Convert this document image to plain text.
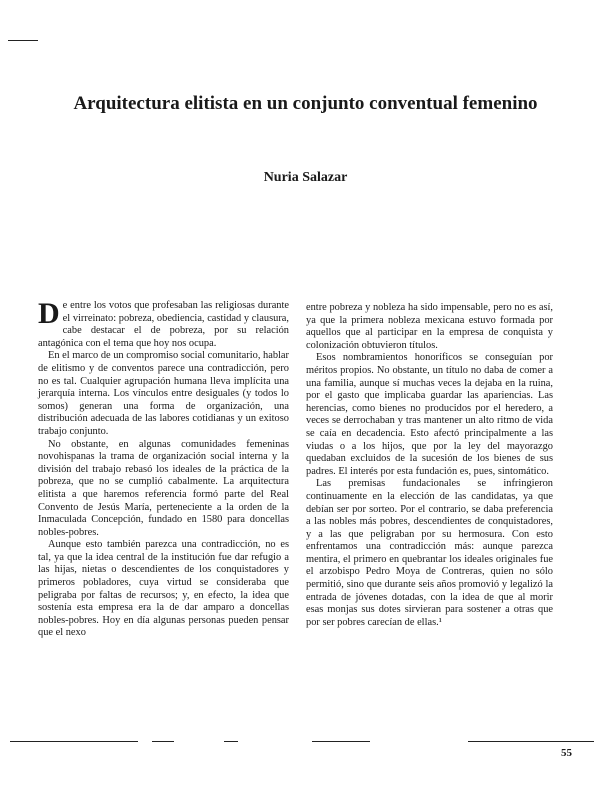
Arquitectura elitista en un conjunto conventual femenino
Nuria Salazar

De entre los votos que profesaban las religiosas durante el virreinato: pobreza, obediencia, castidad y clausura, cabe destacar el de pobreza, por su relación antagónica con el tema que hoy nos ocupa.

En el marco de un compromiso social comunitario, hablar de elitismo y de conventos parece una contradicción, pero no es tal. Cualquier agrupación humana lleva implícita una jerarquía interna. Los vínculos entre desiguales (y todos lo somos) generan una forma de organización, una distribución adecuada de las labores cotidianas y un exitoso trabajo conjunto.

No obstante, en algunas comunidades femeninas novohispanas la trama de organización social interna y la división del trabajo rebasó los ideales de la práctica de la pobreza, que no se cumplió cabalmente. La arquitectura elitista a que haremos referencia formó parte del Real Convento de Jesús María, perteneciente a la orden de la Inmaculada Concepción, fundado en 1580 para doncellas nobles-pobres.

Aunque esto también parezca una contradicción, no es tal, ya que la idea central de la institución fue dar refugio a las hijas, nietas o descendientes de los conquistadores y primeros pobladores, cuya virtud se consideraba que peligraba por faltas de recursos; y, en efecto, la idea que sostenía esta empresa era la de dar amparo a doncellas nobles-pobres. Hoy en día algunas personas pueden pensar que el nexo

entre pobreza y nobleza ha sido impensable, pero no es así, ya que la primera nobleza mexicana estuvo formada por aquellos que al participar en la empresa de conquista y colonización obtuvieron títulos.

Esos nombramientos honoríficos se conseguían por méritos propios. No obstante, un título no daba de comer a una familia, aunque sí muchas veces la dejaba en la ruina, por el gasto que implicaba guardar las apariencias. Las herencias, como bienes no producidos por el heredero, a veces se derrochaban y tras mantener un alto ritmo de vida se caía en decadencia. Esto afectó principalmente a las viudas o a los hijos, que por la ley del mayorazgo quedaban excluidos de la sucesión de los bienes de sus padres. El interés por esta fundación es, pues, sintomático.

Las premisas fundacionales se infringieron continuamente en la elección de las candidatas, ya que debían ser por sorteo. Por el contrario, se daba preferencia a las nobles más pobres, descendientes de conquistadores, y a las que peligraban por su hermosura. Con esto enfrentamos una contradicción más: aunque parezca mentira, el primero en quebrantar los ideales originales fue el arzobispo Pedro Moya de Contreras, quien no sólo permitió, sino que durante seis años promovió y legalizó la entrada de jóvenes dotadas, con la idea de que al morir esas monjas sus dotes sirvieran para sostener a otras que por ser pobres carecían de ellas.¹

55
